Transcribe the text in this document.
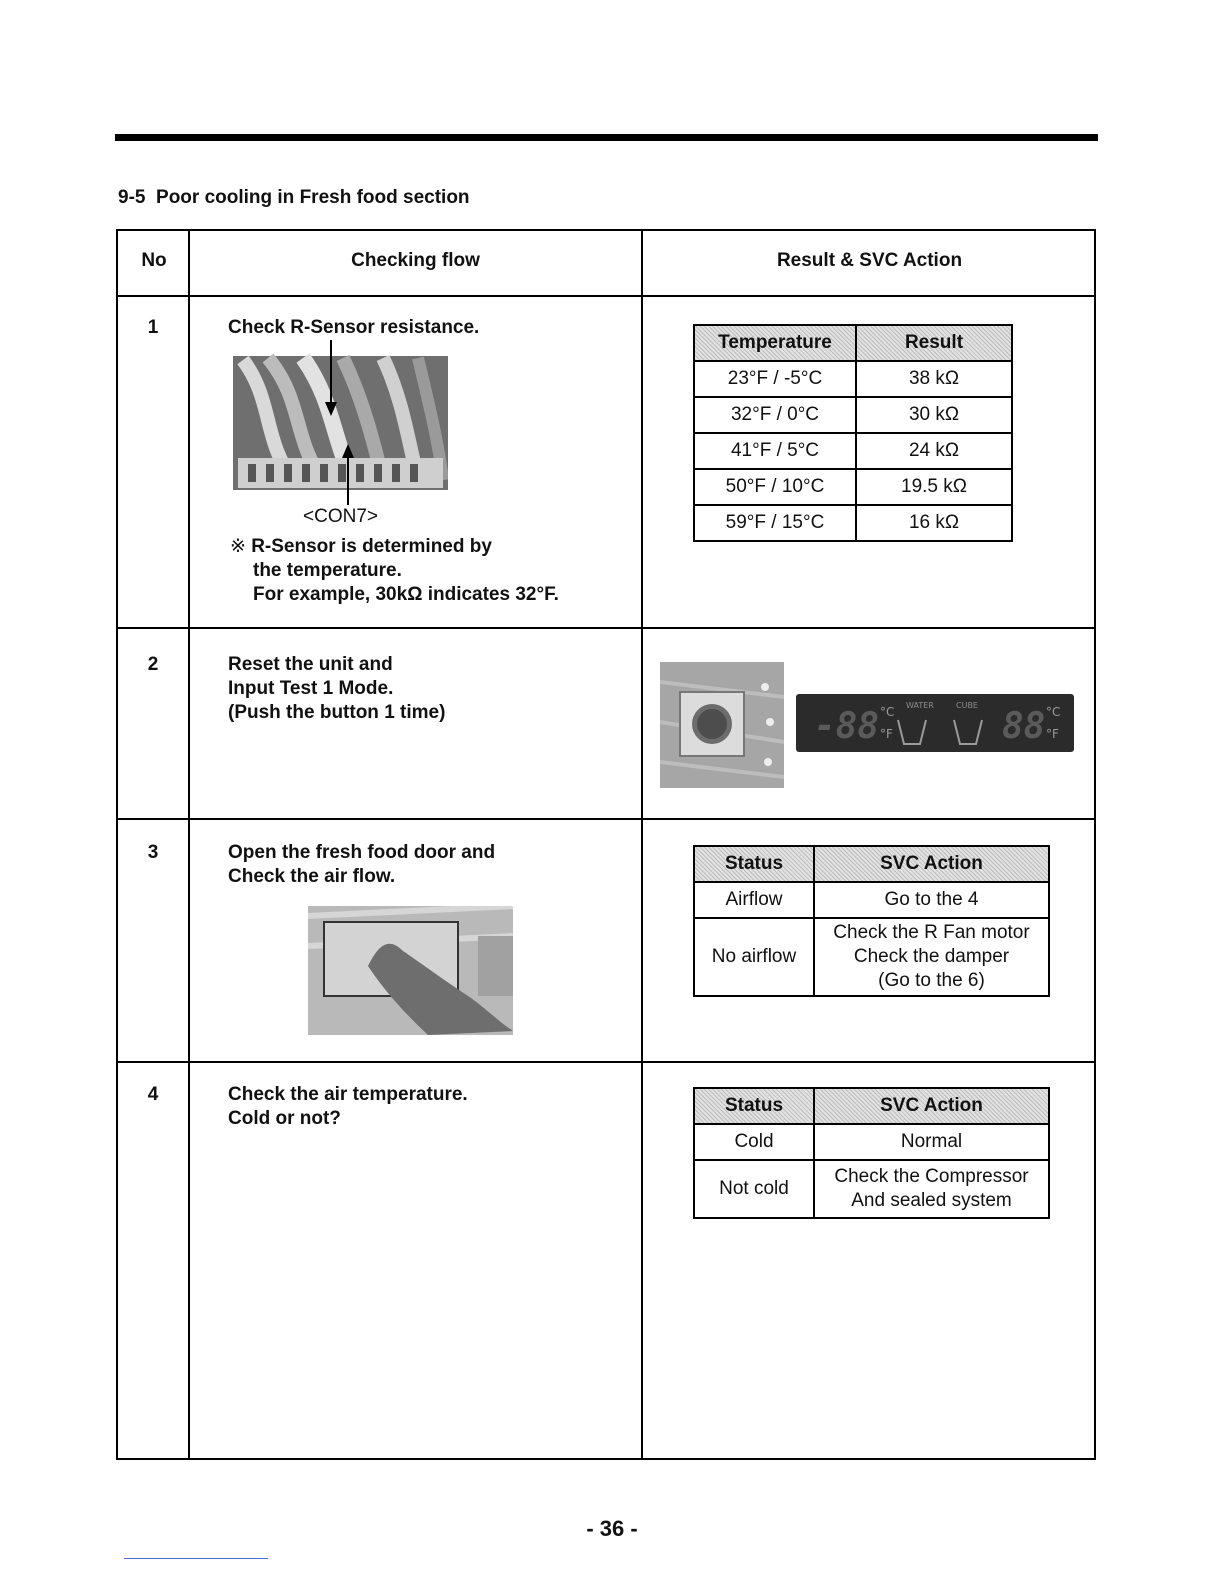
9-5  Poor cooling in Fresh food section
No	Checking flow	Result & SVC Action
1	Check R-Sensor resistance.
<CON7>
※ R-Sensor is determined by
the temperature.
For example, 30kΩ indicates 32°F.
Temperature	Result
23°F / -5°C	38 kΩ
32°F / 0°C	30 kΩ
41°F / 5°C	24 kΩ
50°F / 10°C	19.5 kΩ
59°F / 15°C	16 kΩ
2	Reset the unit and
Input Test 1 Mode.
(Push the button 1 time)	-88 °C
°F
WATER	CUBE
88 °C
°F
3	Open the fresh food door and
Check the air flow.
Status	SVC Action
Airflow	Go to the 4
No airflow	Check the R Fan motor
Check the damper
(Go to the 6)
4	Check the air temperature.
Cold or not?
Status	SVC Action
Cold	Normal
Not cold	Check the Compressor
And sealed system
- 36 -
